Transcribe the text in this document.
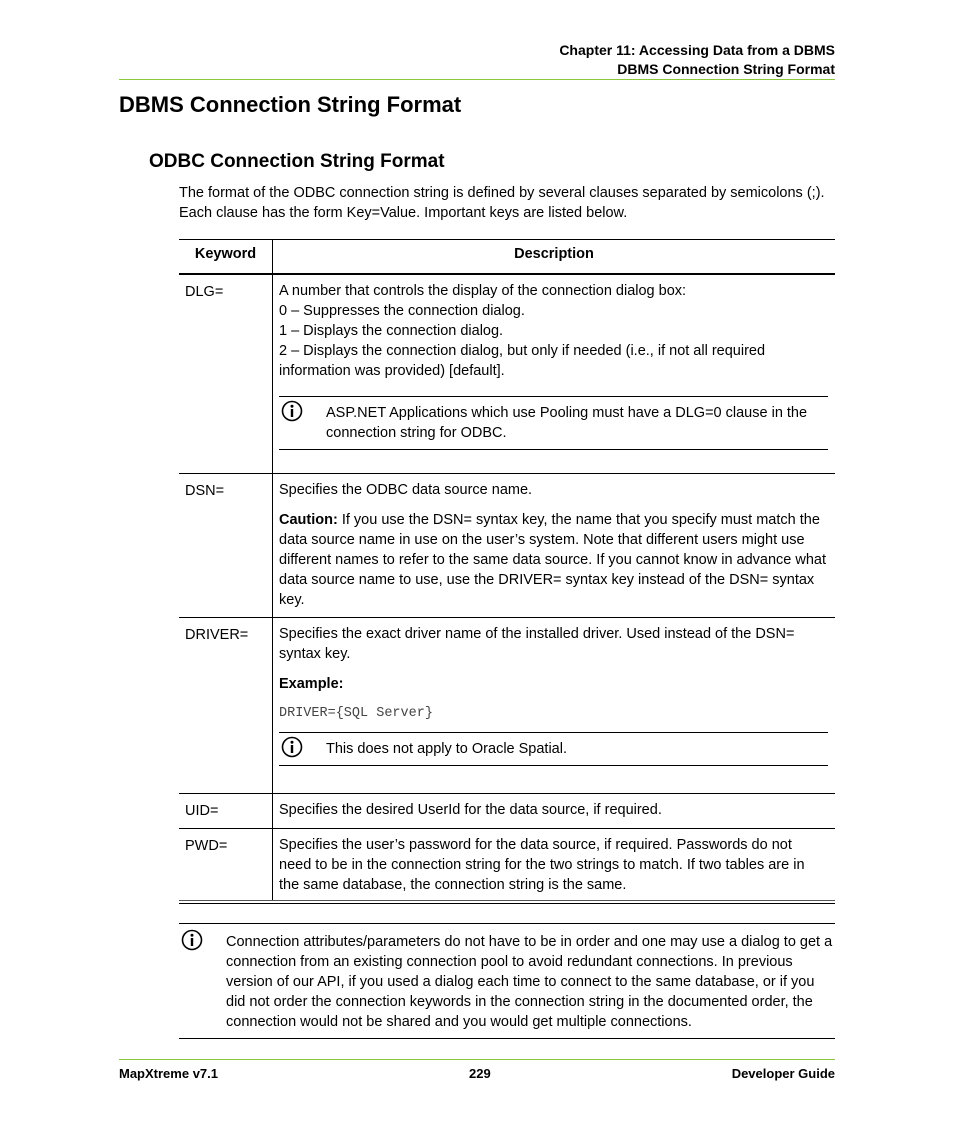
Chapter 11: Accessing Data from a DBMS
DBMS Connection String Format
DBMS Connection String Format
ODBC Connection String Format

The format of the ODBC connection string is defined by several clauses separated by semicolons (;). Each clause has the form Key=Value. Important keys are listed below.

Keyword	Description
DLG=	A number that controls the display of the connection dialog box:

0 – Suppresses the connection dialog.

1 – Displays the connection dialog.

2 – Displays the connection dialog, but only if needed (i.e., if not all required information was provided) [default].

ASP.NET Applications which use Pooling must have a DLG=0 clause in the connection string for ODBC.
DSN=	Specifies the ODBC data source name.

Caution: If you use the DSN= syntax key, the name that you specify must match the data source name in use on the user’s system. Note that different users might use different names to refer to the same data source. If you cannot know in advance what data source name to use, use the DRIVER= syntax key instead of the DSN= syntax key.

DRIVER=	Specifies the exact driver name of the installed driver. Used instead of the DSN= syntax key.

Example:

DRIVER={SQL Server}

This does not apply to Oracle Spatial.
UID=	Specifies the desired UserId for the data source, if required.

PWD=	Specifies the user’s password for the data source, if required. Passwords do not need to be in the connection string for the two strings to match. If two tables are in the same database, the connection string is the same.

Connection attributes/parameters do not have to be in order and one may use a dialog to get a connection from an existing connection pool to avoid redundant connections. In previous version of our API, if you used a dialog each time to connect to the same database, or if you did not order the connection keywords in the connection string in the documented order, the connection would not be shared and you would get multiple connections.
MapXtreme v7.1	229	Developer Guide
